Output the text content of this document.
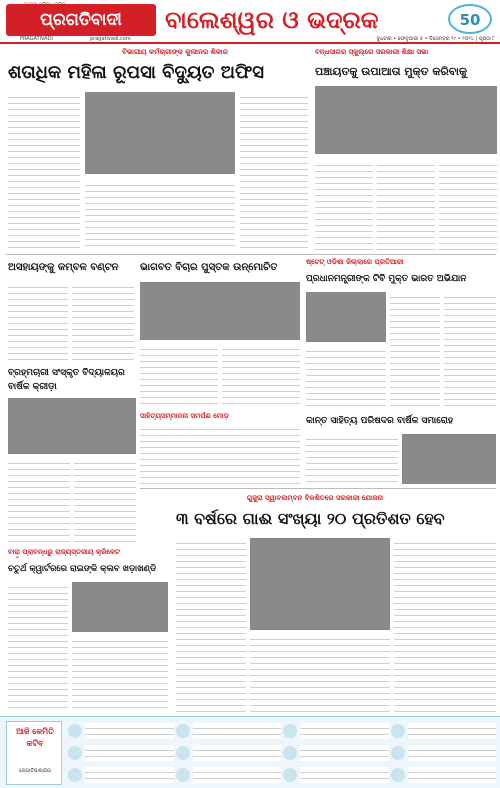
ପ୍ରଗତିବାଦୀ
PRAGATIVADI	pragativadi.com
ବାଲେଶ୍ୱର ଓ ଭଦ୍ରକ	50
ବୁଧବାର • ଫେବୃଆରୀ ୫ • ଡିସେମ୍ବର ୨୯ • ୨୦୨୪ | ପୃଷ୍ଠା ୮
ବିଭାଗୀୟ କର୍ମଚାରୀଙ୍କ କୁଲୀନର ଶିକାର
ଶତାଧିକ ମହିଳା ରୂପସା ବିଦ୍ୟୁତ ଅଫିସ
ବନ୍ଧସାଗର ସ୍କୁଲ୍ରେ ସରକାରୀ ଶିକ୍ଷା ସଭା
ପଞ୍ଚାୟତକୁ ଉପାଆତା ମୁକ୍ତ କରିବାକୁ
ଅସହାୟଙ୍କୁ କମ୍ବଳ ବଣ୍ଟନ	ଭାଗବତ ବିଚାର ପୁସ୍ତକ ଉନ୍ମୋଚିତ	ଷ୍ଟେଟ୍‌ ଓଡିଶା ଜିଲ୍ଲାରେ ପ୍ରତିଆରୀ
ପ୍ରଧାନମନ୍ତ୍ରୀଙ୍କ ଟିବି ମୁକ୍ତ ଭାରତ ଅଭିଯାନ
ବ୍ରହ୍ମଚାରୀ ସଂସ୍କୃତ ବିଦ୍ୟାଳୟର ବାର୍ଷିକ କ୍ରୀଡ଼ା
ସାହିତ୍ୟସମ୍ମାନନା ସମର୍ପଣ ମୋଡ଼	କାନ୍ତ ସାହିତ୍ୟ ପରିଷଦର ବାର୍ଷିକ ସମାରୋହ
ବାରା ପ୍ରାବନ୍ଧରୁ ରାଜ୍ୟସ୍ତରୀୟ କ୍ରିକେଟ
ଚତୁର୍ଥ କ୍ୱାର୍ଟରରେ ରାଇଙ୍କି କ୍ଲବ ଖଡ଼ାଖଣ୍ଡି
ଗୁଜୁରା ସ୍ୱାବଲମ୍ବନ ବିକଶିତରେ ସରକାରୀ ଯୋଜନା
୩ ବର୍ଷରେ ଗାଈ ସଂଖ୍ୟା ୨୦ ପ୍ରତିଶତ ହେବ
ଆଜି କେମିତି କଟିବ
ଜ୍ୟୋତିଷାଚାର୍ଯ୍ୟ
